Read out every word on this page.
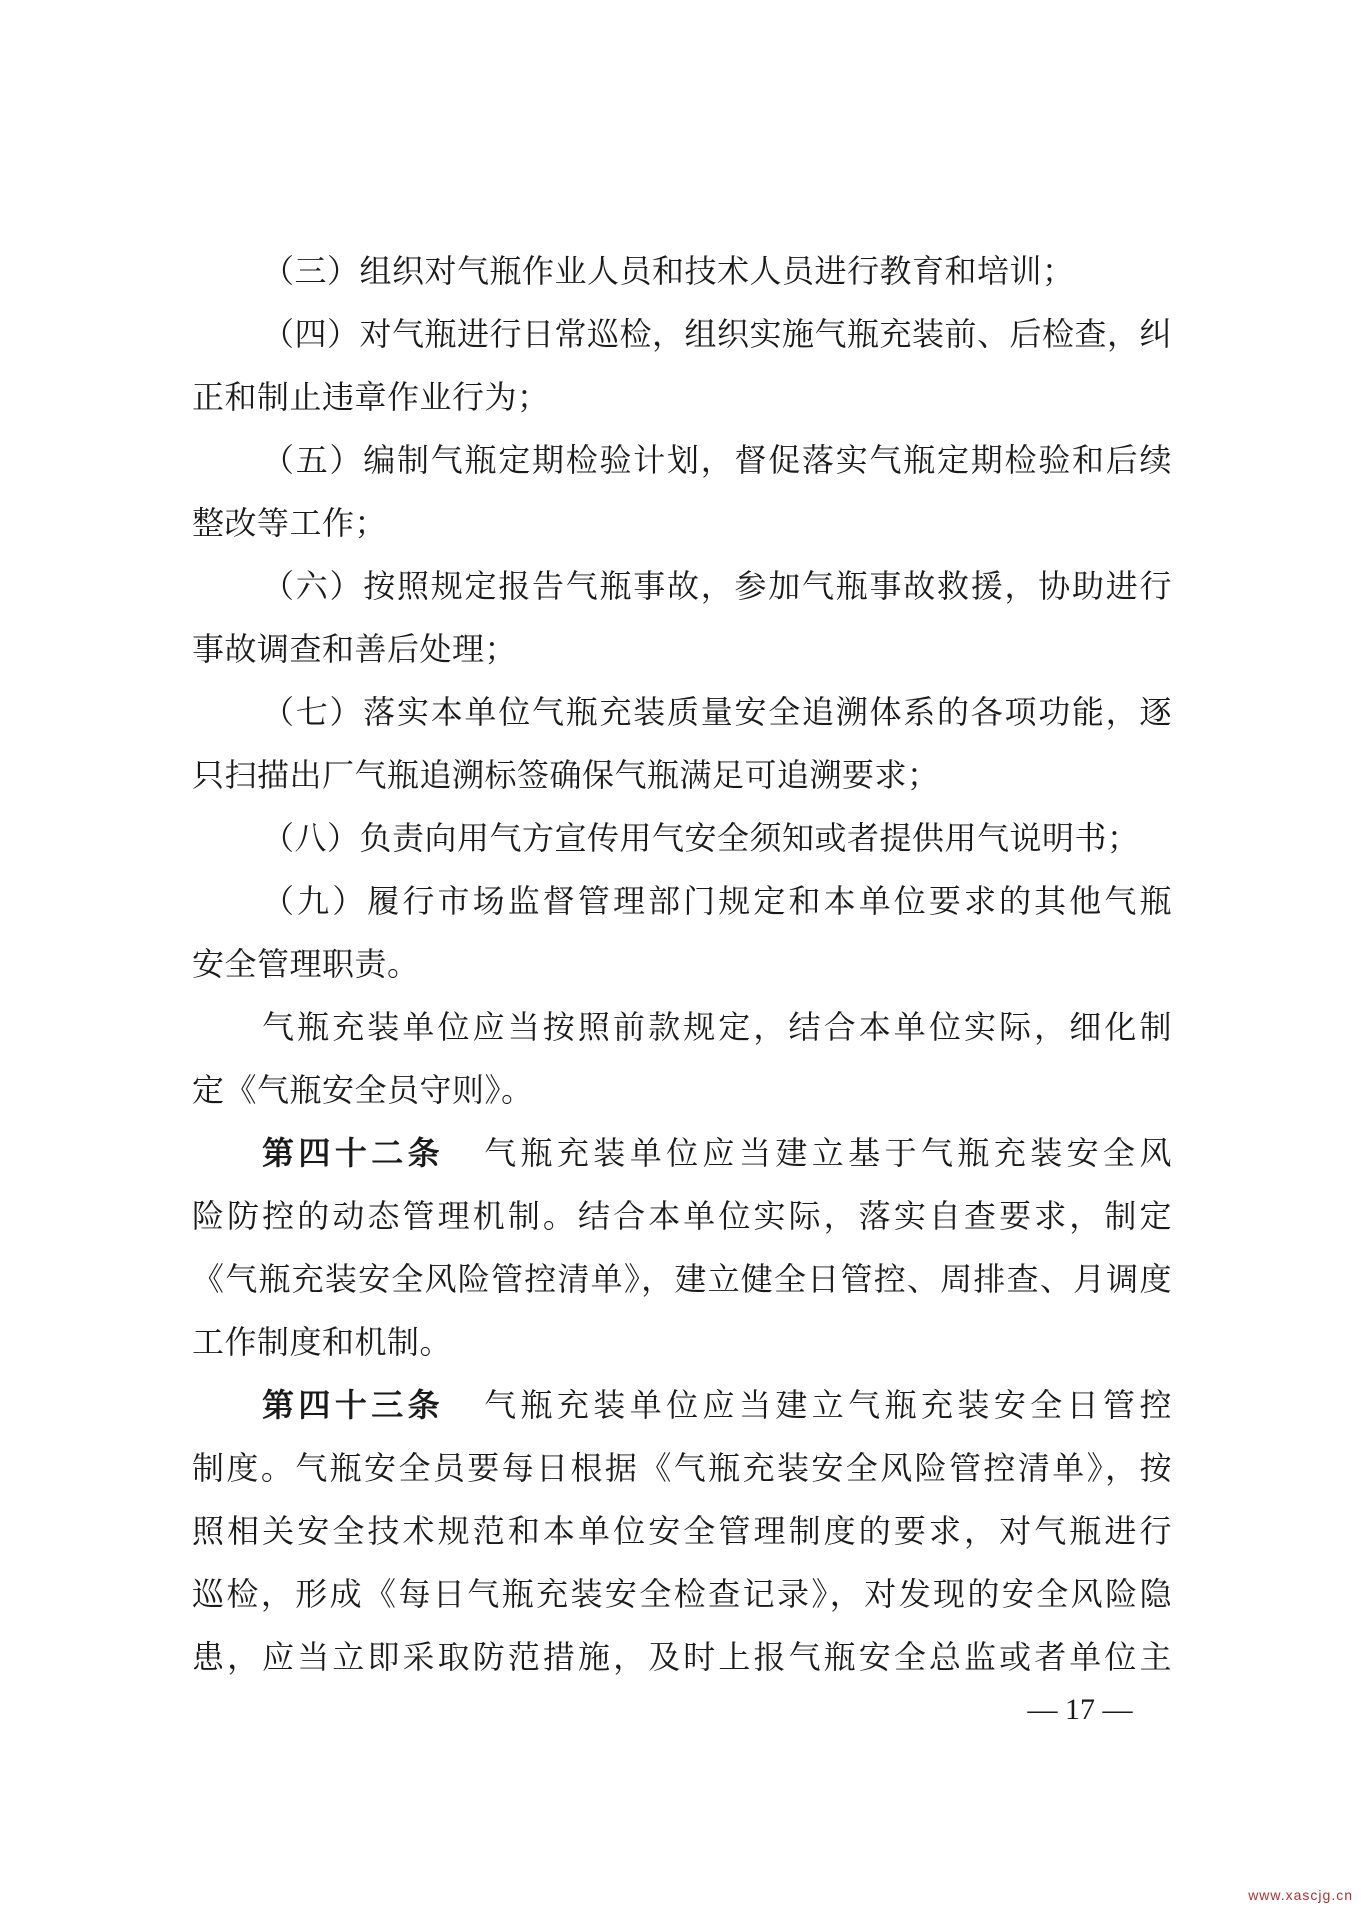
（三）组织对气瓶作业人员和技术人员进行教育和培训；
（四）对气瓶进行日常巡检，组织实施气瓶充装前、后检查，纠
正和制止违章作业行为；
（五）编制气瓶定期检验计划，督促落实气瓶定期检验和后续
整改等工作；
（六）按照规定报告气瓶事故，参加气瓶事故救援，协助进行
事故调查和善后处理；
（七）落实本单位气瓶充装质量安全追溯体系的各项功能，逐
只扫描出厂气瓶追溯标签确保气瓶满足可追溯要求；
（八）负责向用气方宣传用气安全须知或者提供用气说明书；
（九）履行市场监督管理部门规定和本单位要求的其他气瓶
安全管理职责。
气瓶充装单位应当按照前款规定，结合本单位实际，细化制
定《气瓶安全员守则》。
第四十二条 气瓶充装单位应当建立基于气瓶充装安全风
险防控的动态管理机制。结合本单位实际，落实自查要求，制定
《气瓶充装安全风险管控清单》，建立健全日管控、周排查、月调度
工作制度和机制。
第四十三条 气瓶充装单位应当建立气瓶充装安全日管控
制度。气瓶安全员要每日根据《气瓶充装安全风险管控清单》，按
照相关安全技术规范和本单位安全管理制度的要求，对气瓶进行
巡检，形成《每日气瓶充装安全检查记录》，对发现的安全风险隐
患，应当立即采取防范措施，及时上报气瓶安全总监或者单位主
— 17 —
www.xascjg.cn
